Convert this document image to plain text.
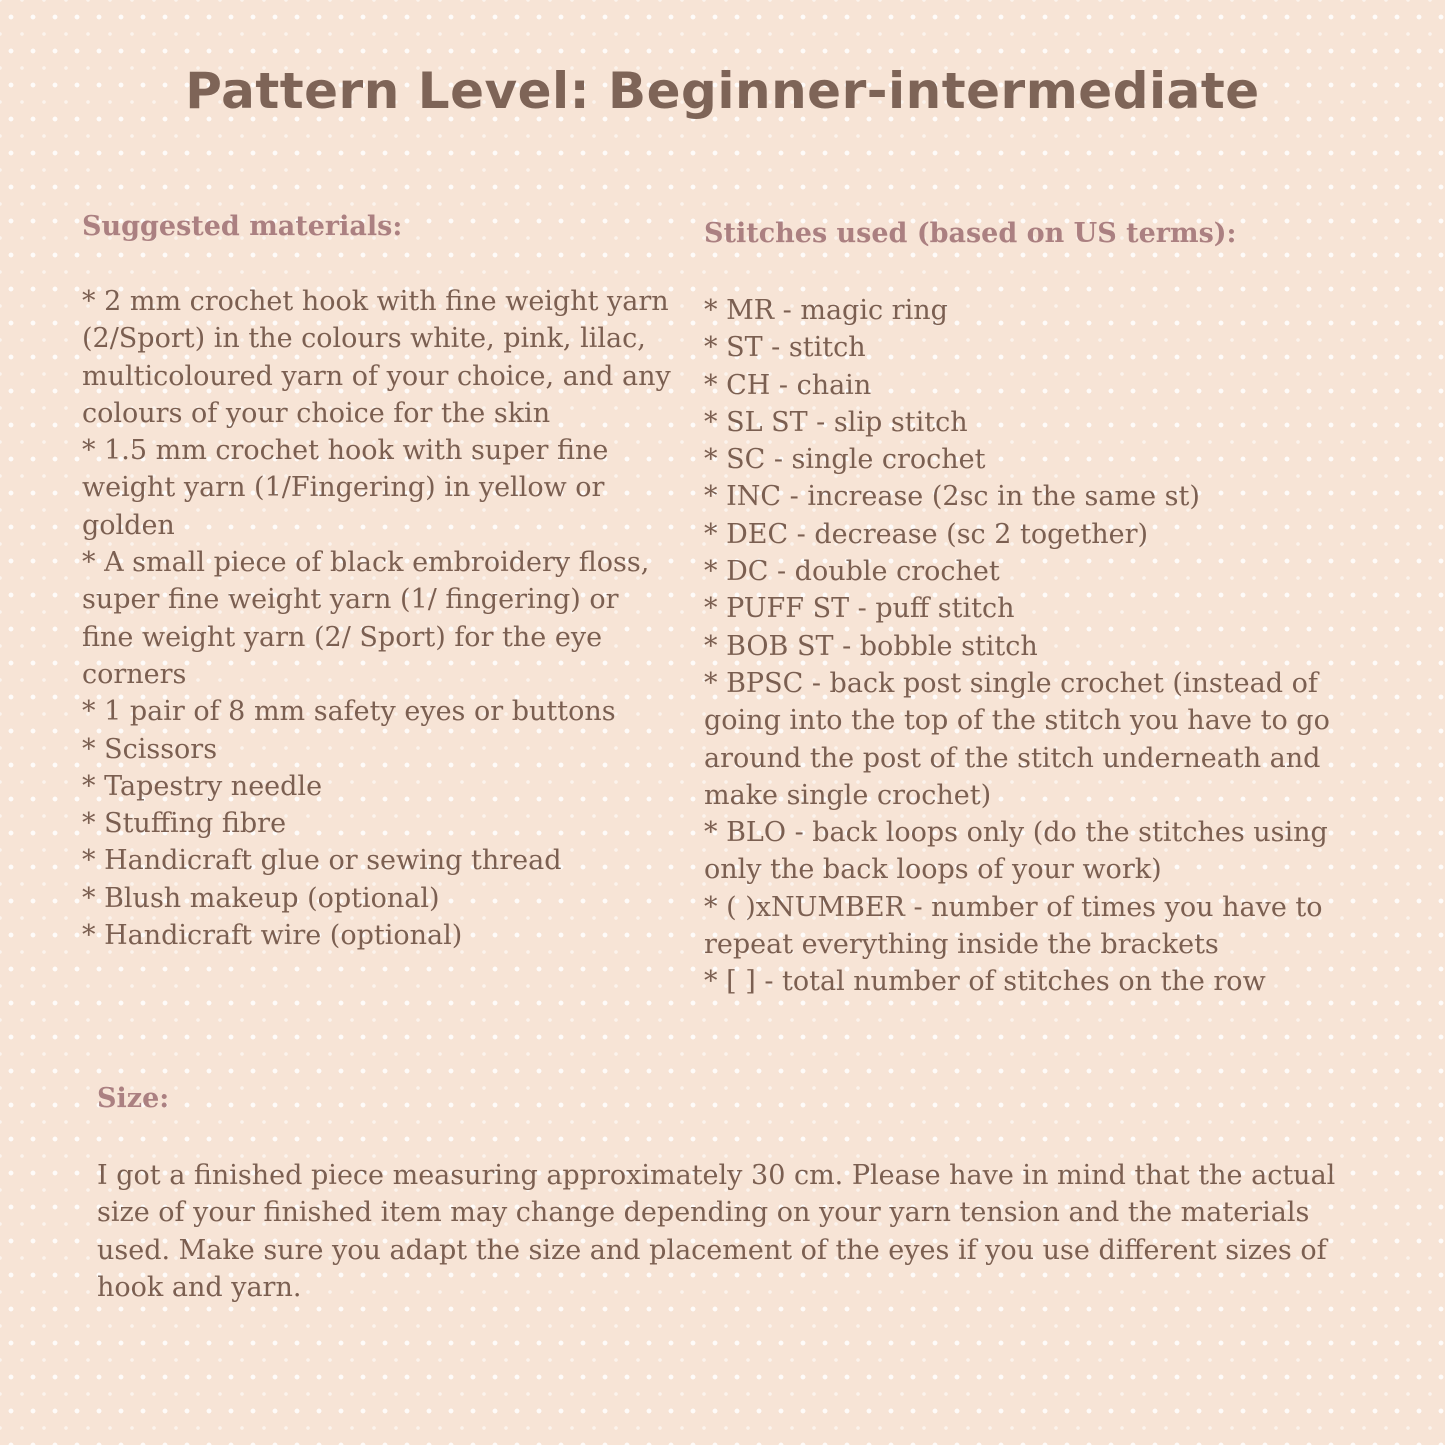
Pattern Level: Beginner-intermediate
Suggested materials:
* 2 mm crochet hook with fine weight yarn (2/Sport) in the colours white, pink, lilac, multicoloured yarn of your choice, and any colours of your choice for the skin
* 1.5 mm crochet hook with super fine weight yarn (1/Fingering) in yellow or golden
* A small piece of black embroidery floss, super fine weight yarn (1/ fingering) or fine weight yarn (2/ Sport) for the eye corners
* 1 pair of 8 mm safety eyes or buttons
* Scissors
* Tapestry needle
* Stuffing fibre
* Handicraft glue or sewing thread
* Blush makeup (optional)
* Handicraft wire (optional)
Stitches used (based on US terms):
* MR - magic ring
* ST - stitch
* CH - chain
* SL ST - slip stitch
* SC - single crochet
* INC - increase (2sc in the same st)
* DEC - decrease (sc 2 together)
* DC - double crochet
* PUFF ST - puff stitch
* BOB ST - bobble stitch
* BPSC - back post single crochet (instead of going into the top of the stitch you have to go around the post of the stitch underneath and make single crochet)
* BLO - back loops only (do the stitches using only the back loops of your work)
* ( )xNUMBER - number of times you have to repeat everything inside the brackets
* [ ] - total number of stitches on the row
Size:

I got a finished piece measuring approximately 30 cm. Please have in mind that the actual size of your finished item may change depending on your yarn tension and the materials used. Make sure you adapt the size and placement of the eyes if you use different sizes of hook and yarn.
